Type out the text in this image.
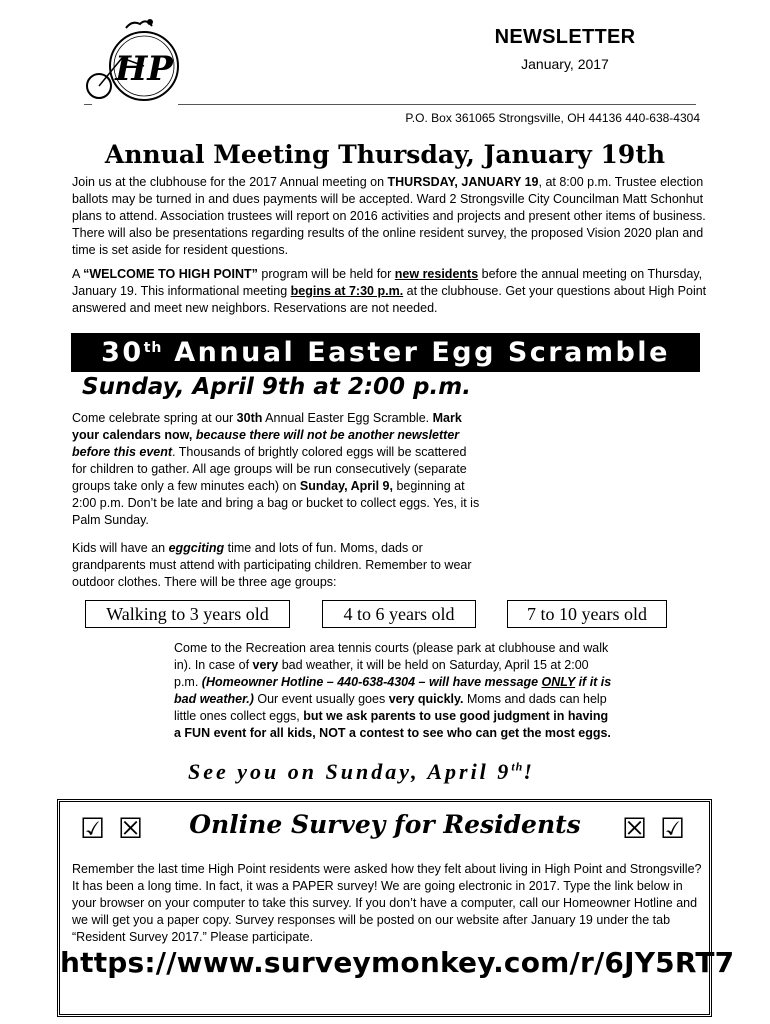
HP
NEWSLETTER
January, 2017
P.O. Box 361065 Strongsville, OH 44136 440-638-4304
Annual Meeting Thursday, January 19th
Join us at the clubhouse for the 2017 Annual meeting on THURSDAY, JANUARY 19, at 8:00 p.m. Trustee election ballots may be turned in and dues payments will be accepted. Ward 2 Strongsville City Councilman Matt Schonhut plans to attend. Association trustees will report on 2016 activities and projects and present other items of business. There will also be presentations regarding results of the online resident survey, the proposed Vision 2020 plan and time is set aside for resident questions.
A “WELCOME TO HIGH POINT” program will be held for new residents before the annual meeting on Thursday, January 19. This informational meeting begins at 7:30 p.m. at the clubhouse. Get your questions about High Point answered and meet new neighbors. Reservations are not needed.
30th Annual Easter Egg Scramble
Sunday, April 9th at 2:00 p.m.
Come celebrate spring at our 30th Annual Easter Egg Scramble. Mark your calendars now, because there will not be another newsletter before this event. Thousands of brightly colored eggs will be scattered for children to gather. All age groups will be run consecutively (separate groups take only a few minutes each) on Sunday, April 9, beginning at 2:00 p.m. Don’t be late and bring a bag or bucket to collect eggs. Yes, it is Palm Sunday.
Kids will have an eggciting time and lots of fun. Moms, dads or grandparents must attend with participating children. Remember to wear outdoor clothes. There will be three age groups:
Walking to 3 years old	4 to 6 years old	7 to 10 years old
Come to the Recreation area tennis courts (please park at clubhouse and walk in). In case of very bad weather, it will be held on Saturday, April 15 at 2:00 p.m. (Homeowner Hotline – 440-638-4304 – will have message ONLY if it is bad weather.) Our event usually goes very quickly. Moms and dads can help little ones collect eggs, but we ask parents to use good judgment in having a FUN event for all kids, NOT a contest to see who can get the most eggs.
See you on Sunday, April 9th!
☑ ☒	Online Survey for Residents	☒ ☑
Remember the last time High Point residents were asked how they felt about living in High Point and Strongsville? It has been a long time. In fact, it was a PAPER survey! We are going electronic in 2017. Type the link below in your browser on your computer to take this survey. If you don’t have a computer, call our Homeowner Hotline and we will get you a paper copy. Survey responses will be posted on our website after January 19 under the tab “Resident Survey 2017.” Please participate.
https://www.surveymonkey.com/r/6JY5RT7
